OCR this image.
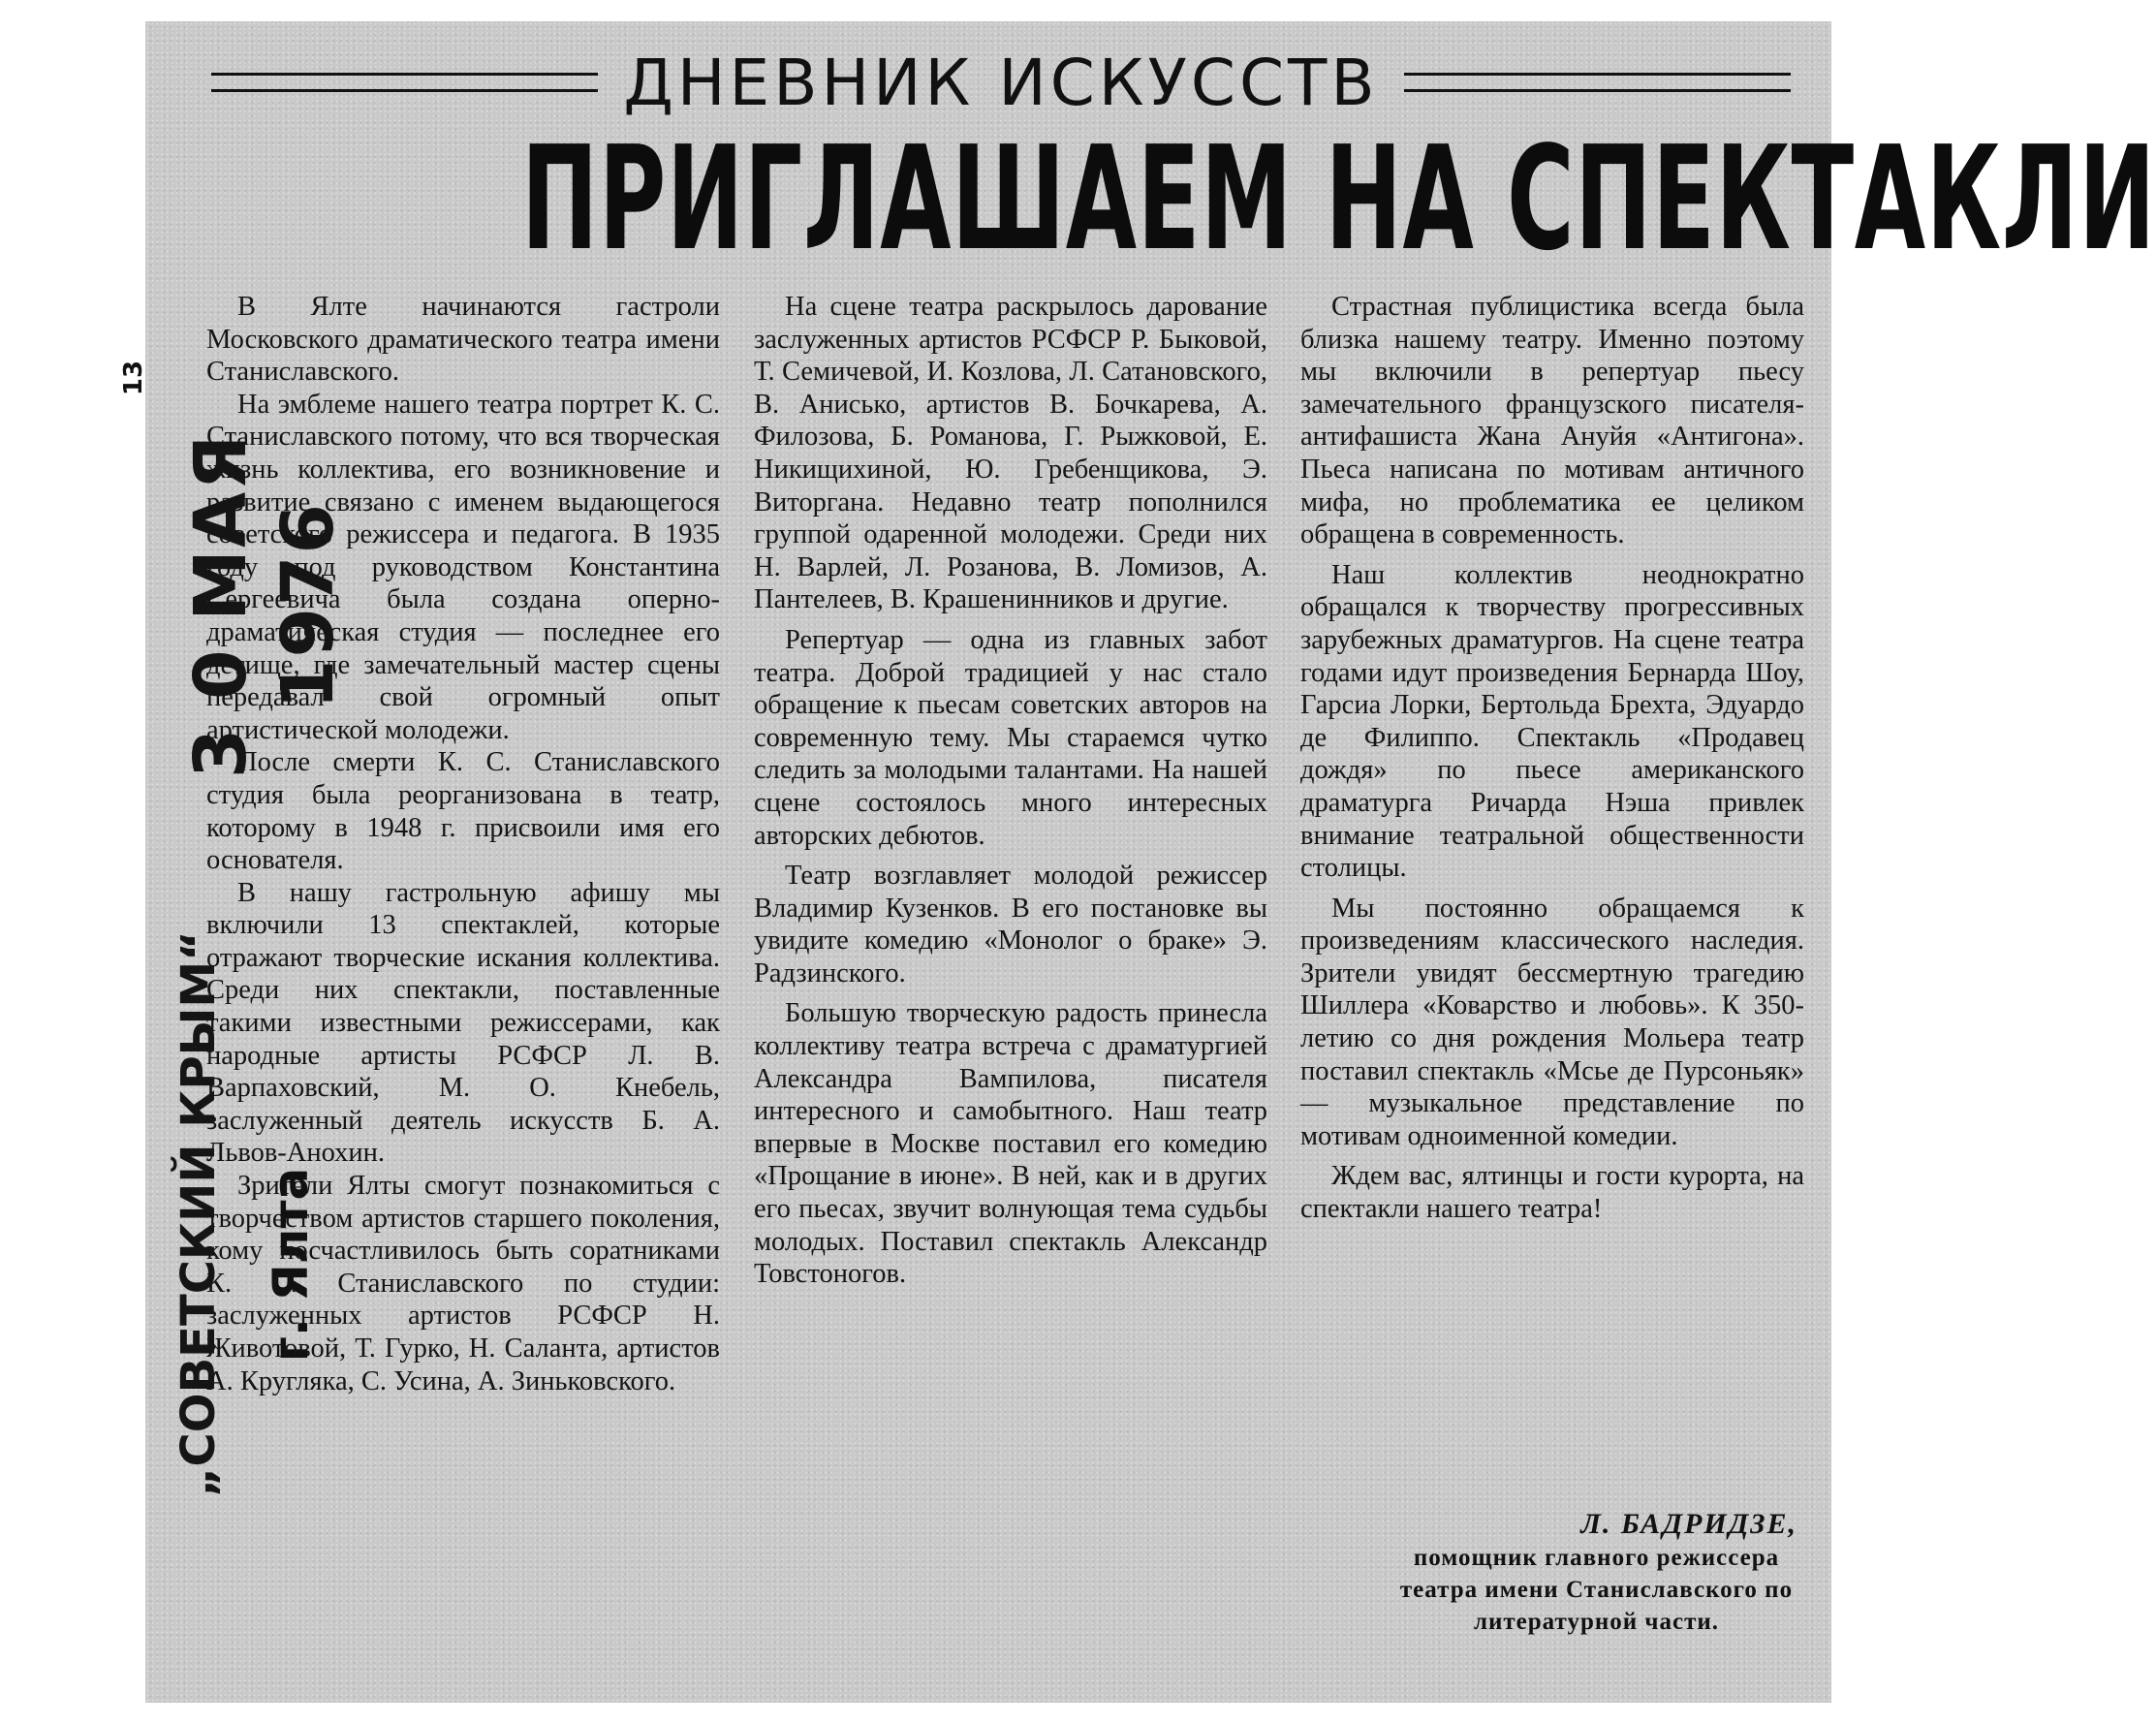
13
3 0 МАЯ 1976
„СОВЕТСКИЙ КРЫМ“ г. Ялта
ДНЕВНИК ИСКУССТВ
ПРИГЛАШАЕМ НА СПЕКТАКЛИ

В Ялте начинаются гастроли Московского драматического театра имени Станиславского.

На эмблеме нашего театра портрет К. С. Станиславского потому, что вся творческая жизнь коллектива, его возникновение и развитие связано с именем выдающегося советского режиссера и педагога. В 1935 году под руководством Константина Сергеевича была создана оперно-драматическая студия — последнее его детище, где замечательный мастер сцены передавал свой огромный опыт артистической молодежи.

После смерти К. С. Станиславского студия была реорганизована в театр, которому в 1948 г. присвоили имя его основателя.

В нашу гастрольную афишу мы включили 13 спектаклей, которые отражают творческие искания коллектива. Среди них спектакли, поставленные такими известными режиссерами, как народные артисты РСФСР Л. В. Варпаховский, М. О. Кнебель, заслуженный деятель искусств Б. А. Львов-Анохин.

Зрители Ялты смогут познакомиться с творчеством артистов старшего поколения, кому посчастливилось быть соратниками К. С. Станиславского по студии: заслуженных артистов РСФСР Н. Животовой, Т. Гурко, Н. Саланта, артистов А. Кругляка, С. Усина, А. Зиньковского.

На сцене театра раскрылось дарование заслуженных артистов РСФСР Р. Быковой, Т. Семичевой, И. Козлова, Л. Сатановского, В. Анисько, артистов В. Бочкарева, А. Филозова, Б. Романова, Г. Рыжковой, Е. Никищихиной, Ю. Гребенщикова, Э. Виторгана. Недавно театр пополнился группой одаренной молодежи. Среди них Н. Варлей, Л. Розанова, В. Ломизов, А. Пантелеев, В. Крашенинников и другие.

Репертуар — одна из главных забот театра. Доброй традицией у нас стало обращение к пьесам советских авторов на современную тему. Мы стараемся чутко следить за молодыми талантами. На нашей сцене состоялось много интересных авторских дебютов.

Театр возглавляет молодой режиссер Владимир Кузенков. В его постановке вы увидите комедию «Монолог о браке» Э. Радзинского.

Большую творческую радость принесла коллективу театра встреча с драматургией Александра Вампилова, писателя интересного и самобытного. Наш театр впервые в Москве поставил его комедию «Прощание в июне». В ней, как и в других его пьесах, звучит волнующая тема судьбы молодых. Поставил спектакль Александр Товстоногов.

Страстная публицистика всегда была близка нашему театру. Именно поэтому мы включили в репертуар пьесу замечательного французского писателя-антифашиста Жана Ануйя «Антигона». Пьеса написана по мотивам античного мифа, но проблематика ее целиком обращена в современность.

Наш коллектив неоднократно обращался к творчеству прогрессивных зарубежных драматургов. На сцене театра годами идут произведения Бернарда Шоу, Гарсиа Лорки, Бертольда Брехта, Эдуардо де Филиппо. Спектакль «Продавец дождя» по пьесе американского драматурга Ричарда Нэша привлек внимание театральной общественности столицы.

Мы постоянно обращаемся к произведениям классического наследия. Зрители увидят бессмертную трагедию Шиллера «Коварство и любовь». К 350-летию со дня рождения Мольера театр поставил спектакль «Мсье де Пурсоньяк» — музыкальное представление по мотивам одноименной комедии.

Ждем вас, ялтинцы и гости курорта, на спектакли нашего театра!

Л. БАДРИДЗЕ,
помощник главного режиссера театра имени Станиславского по литературной части.
